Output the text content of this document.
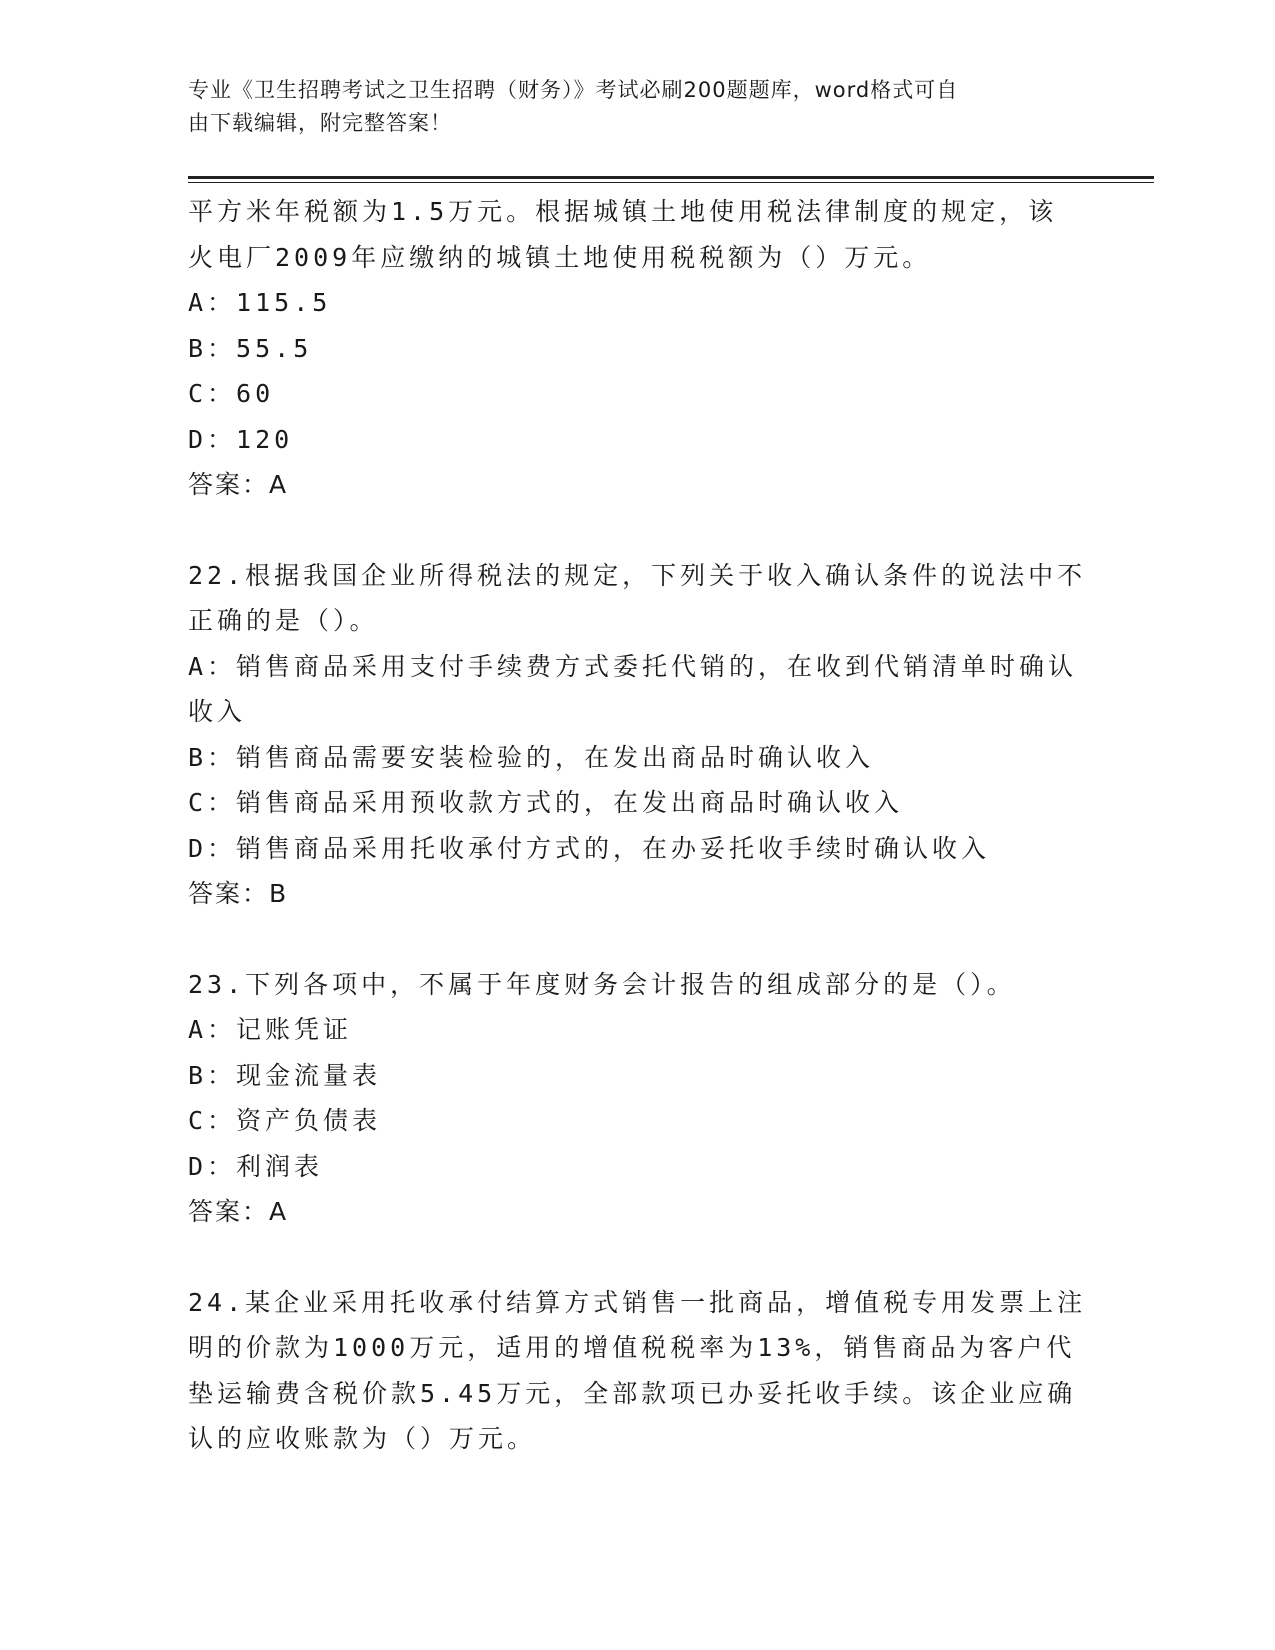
专业《卫生招聘考试之卫生招聘（财务）》考试必刷200题题库，word格式可自
由下载编辑，附完整答案！
平方米年税额为1.5万元。根据城镇土地使用税法律制度的规定，该
火电厂2009年应缴纳的城镇土地使用税税额为（）万元。
A：115.5
B：55.5
C：60
D：120
答案：A
22.根据我国企业所得税法的规定，下列关于收入确认条件的说法中不
正确的是（）。
A：销售商品采用支付手续费方式委托代销的，在收到代销清单时确认
收入
B：销售商品需要安装检验的，在发出商品时确认收入
C：销售商品采用预收款方式的，在发出商品时确认收入
D：销售商品采用托收承付方式的，在办妥托收手续时确认收入
答案：B
23.下列各项中，不属于年度财务会计报告的组成部分的是（）。
A：记账凭证
B：现金流量表
C：资产负债表
D：利润表
答案：A
24.某企业采用托收承付结算方式销售一批商品，增值税专用发票上注
明的价款为1000万元，适用的增值税税率为13%，销售商品为客户代
垫运输费含税价款5.45万元，全部款项已办妥托收手续。该企业应确
认的应收账款为（）万元。
